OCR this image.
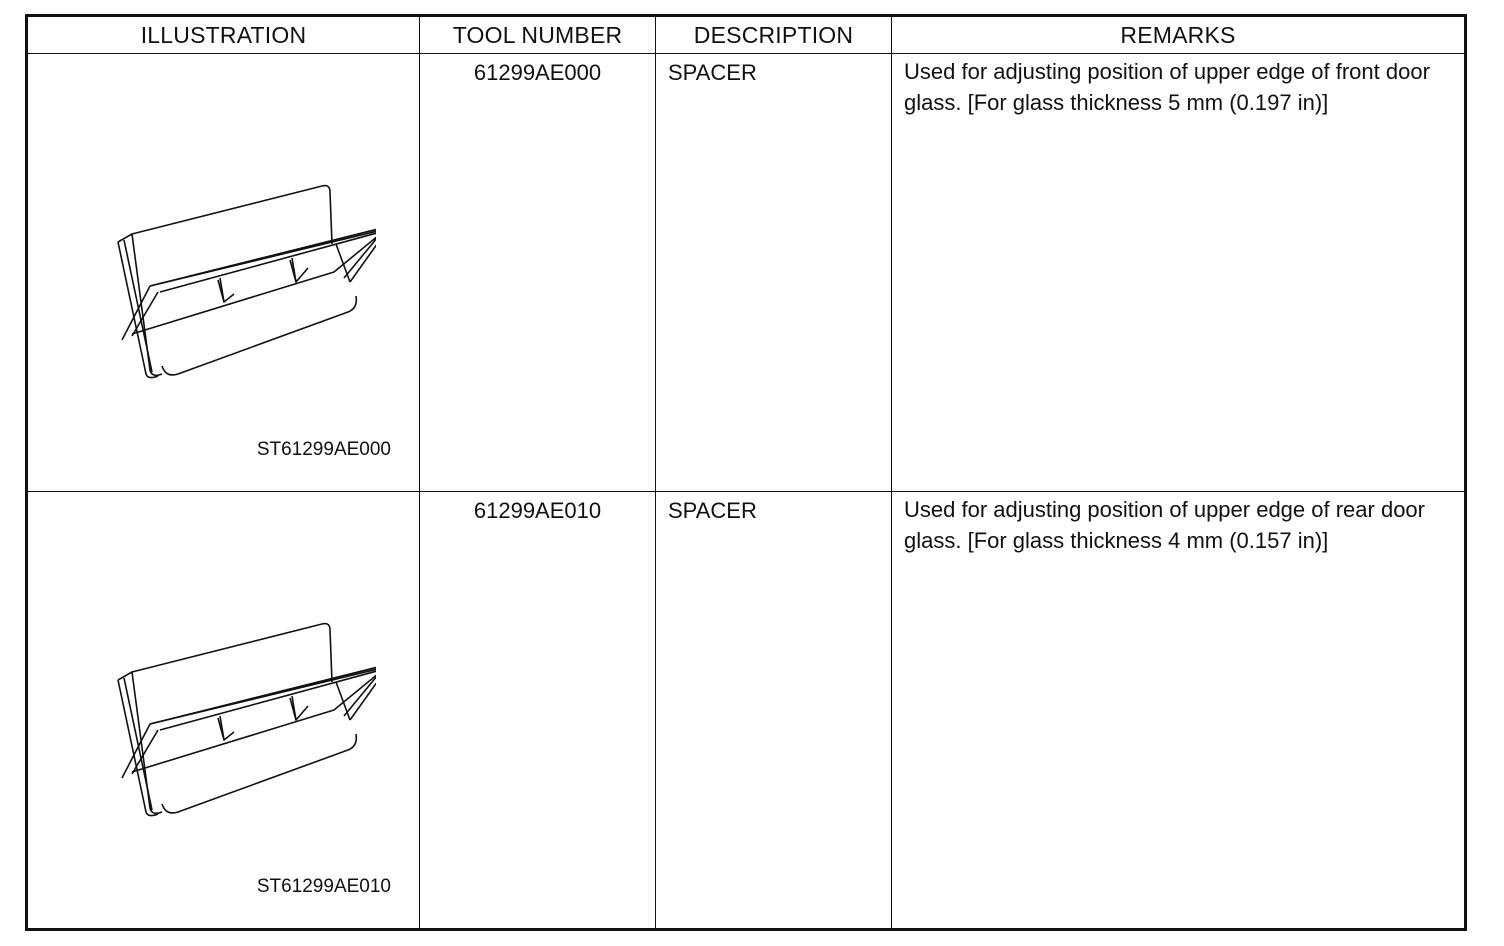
ILLUSTRATION	TOOL NUMBER	DESCRIPTION	REMARKS

ST61299AE000	61299AE000	SPACER	Used for adjusting position of upper edge of front door glass. [For glass thickness 5 mm (0.197 in)]

ST61299AE010	61299AE010	SPACER	Used for adjusting position of upper edge of rear door glass. [For glass thickness 4 mm (0.157 in)]
